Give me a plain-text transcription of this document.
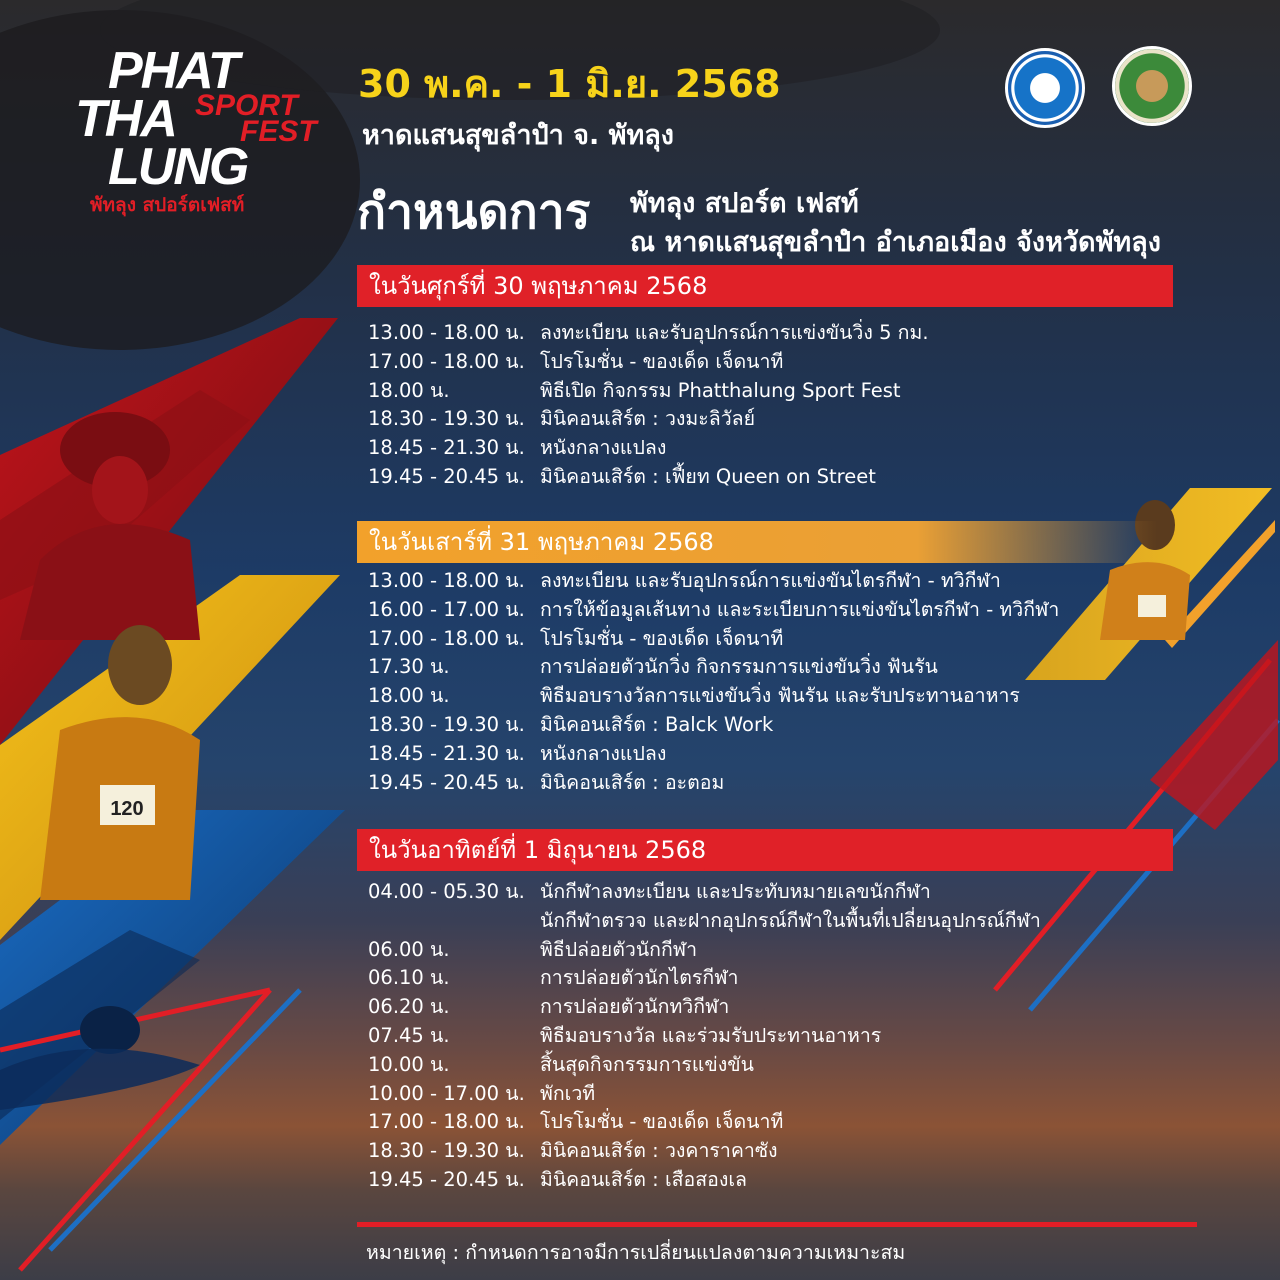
120
PHAT
THA
LUNG
SPORT
FEST
พัทลุง สปอร์ตเฟสท์
30 พ.ค. - 1 มิ.ย. 2568
หาดแสนสุขลำปำ จ. พัทลุง
กำหนดการ พัทลุง สปอร์ต เฟสท์
ณ หาดแสนสุขลำปำ อำเภอเมือง จังหวัดพัทลุง
ในวันศุกร์ที่ 30 พฤษภาคม 2568
13.00 - 18.00 น. ลงทะเบียน และรับอุปกรณ์การแข่งขันวิ่ง 5 กม.
17.00 - 18.00 น. โปรโมชั่น - ของเด็ด เจ็ดนาที
18.00 น.	พิธีเปิด กิจกรรม Phatthalung Sport Fest
18.30 - 19.30 น. มินิคอนเสิร์ต : วงมะลิวัลย์
18.45 - 21.30 น. หนังกลางแปลง
19.45 - 20.45 น. มินิคอนเสิร์ต : เฟี้ยท Queen on Street
ในวันเสาร์ที่ 31 พฤษภาคม 2568
13.00 - 18.00 น. ลงทะเบียน และรับอุปกรณ์การแข่งขันไตรกีฬา - ทวิกีฬา
16.00 - 17.00 น. การให้ข้อมูลเส้นทาง และระเบียบการแข่งขันไตรกีฬา - ทวิกีฬา
17.00 - 18.00 น. โปรโมชั่น - ของเด็ด เจ็ดนาที
17.30 น.	การปล่อยตัวนักวิ่ง กิจกรรมการแข่งขันวิ่ง ฟันรัน
18.00 น.	พิธีมอบรางวัลการแข่งขันวิ่ง ฟันรัน และรับประทานอาหาร
18.30 - 19.30 น. มินิคอนเสิร์ต : Balck Work
18.45 - 21.30 น. หนังกลางแปลง
19.45 - 20.45 น. มินิคอนเสิร์ต : อะตอม
ในวันอาทิตย์ที่ 1 มิถุนายน 2568
04.00 - 05.30 น. นักกีฬาลงทะเบียน และประทับหมายเลขนักกีฬา
นักกีฬาตรวจ และฝากอุปกรณ์กีฬาในพื้นที่เปลี่ยนอุปกรณ์กีฬา
06.00 น.	พิธีปล่อยตัวนักกีฬา
06.10 น.	การปล่อยตัวนักไตรกีฬา
06.20 น.	การปล่อยตัวนักทวิกีฬา
07.45 น.	พิธีมอบรางวัล และร่วมรับประทานอาหาร
10.00 น.	สิ้นสุดกิจกรรมการแข่งขัน
10.00 - 17.00 น. พักเวที
17.00 - 18.00 น. โปรโมชั่น - ของเด็ด เจ็ดนาที
18.30 - 19.30 น. มินิคอนเสิร์ต : วงคาราคาซัง
19.45 - 20.45 น. มินิคอนเสิร์ต : เสือสองเล
หมายเหตุ : กำหนดการอาจมีการเปลี่ยนแปลงตามความเหมาะสม
